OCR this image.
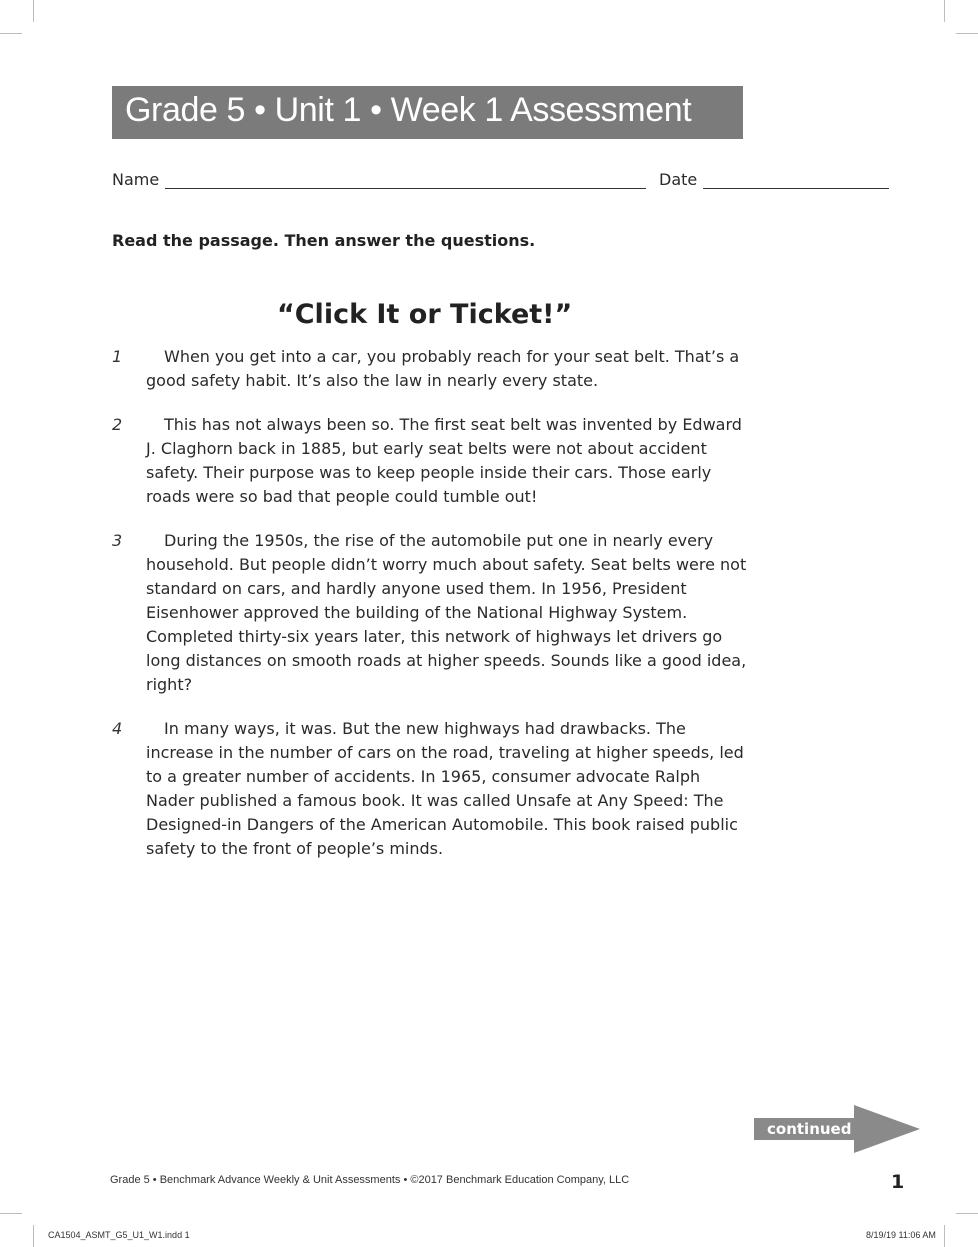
Grade 5 • Unit 1 • Week 1 Assessment
Name	Date
Read the passage. Then answer the questions.
“Click It or Ticket!”
1	When you get into a car, you probably reach for your seat belt. That’s a good safety habit. It’s also the law in nearly every state.

2	This has not always been so. The first seat belt was invented by Edward J. Claghorn back in 1885, but early seat belts were not about accident safety. Their purpose was to keep people inside their cars. Those early roads were so bad that people could tumble out!

3	During the 1950s, the rise of the automobile put one in nearly every household. But people didn’t worry much about safety. Seat belts were not standard on cars, and hardly anyone used them. In 1956, President Eisenhower approved the building of the National Highway System. Completed thirty-six years later, this network of highways let drivers go long distances on smooth roads at higher speeds. Sounds like a good idea, right?

4	In many ways, it was. But the new highways had drawbacks. The increase in the number of cars on the road, traveling at higher speeds, led to a greater number of accidents. In 1965, consumer advocate Ralph Nader published a famous book. It was called Unsafe at Any Speed: The Designed-in Dangers of the American Automobile. This book raised public safety to the front of people’s minds.

continued
Grade 5 • Benchmark Advance Weekly & Unit Assessments • ©2017 Benchmark Education Company, LLC	1
CA1504_ASMT_G5_U1_W1.indd 1	8/19/19 11:06 AM
